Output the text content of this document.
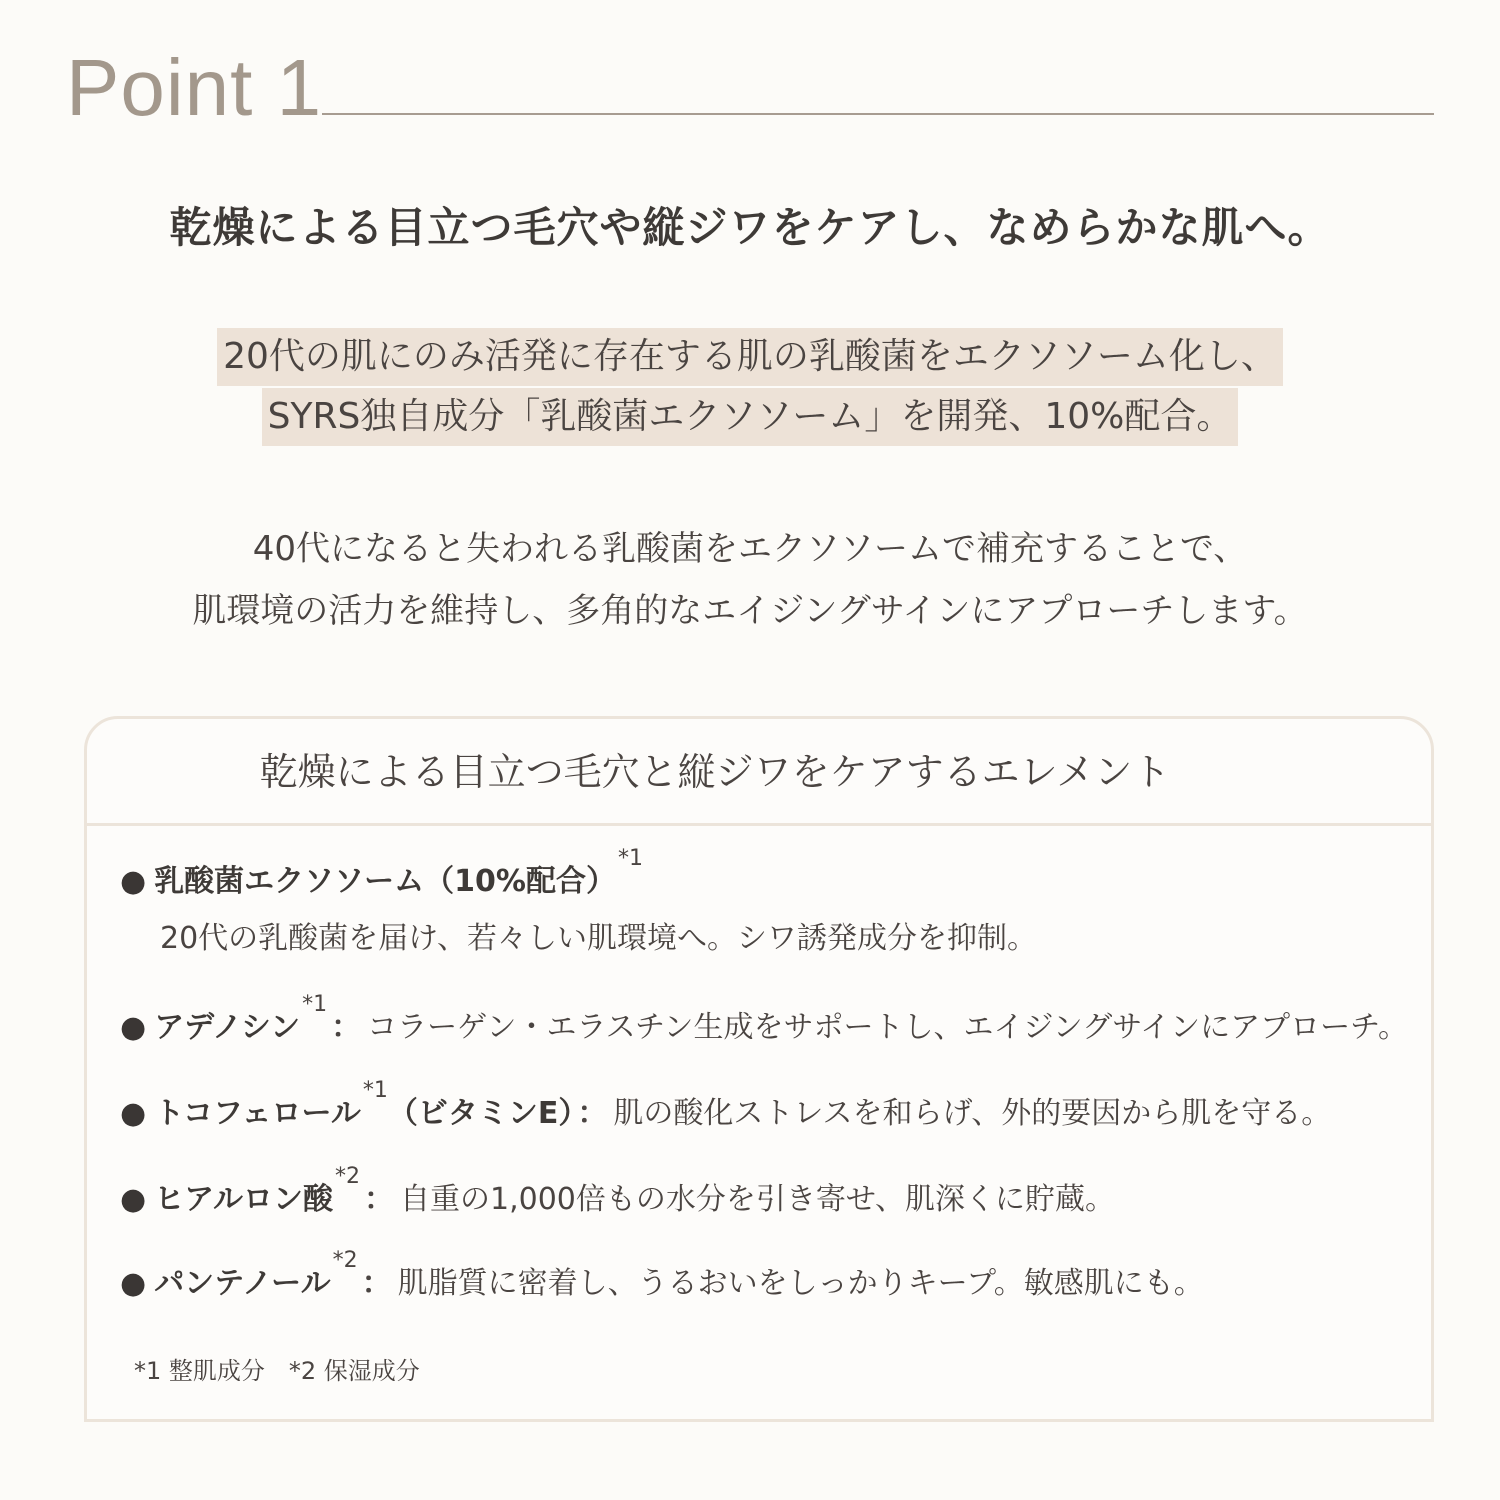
Point 1
乾燥による目立つ毛穴や縦ジワをケアし、なめらかな肌へ。
20代の肌にのみ活発に存在する肌の乳酸菌をエクソソーム化し、
SYRS独自成分「乳酸菌エクソソーム」を開発、10%配合。
40代になると失われる乳酸菌をエクソソームで補充することで、
肌環境の活力を維持し、多角的なエイジングサインにアプローチします。
乾燥による目立つ毛穴と縦ジワをケアするエレメント
● 乳酸菌エクソソーム（10%配合）$^{*1}$
20代の乳酸菌を届け、若々しい肌環境へ。シワ誘発成分を抑制。
● アデノシン$^{*1}$： コラーゲン・エラスチン生成をサポートし、エイジングサインにアプローチ。
● トコフェロール$^{*1}$（ビタミンE） ： 肌の酸化ストレスを和らげ、外的要因から肌を守る。
● ヒアルロン酸$^{*2}$： 自重の1,000倍もの水分を引き寄せ、肌深くに貯蔵。
● パンテノール$^{*2}$： 肌脂質に密着し、うるおいをしっかりキープ。敏感肌にも。
*1 整肌成分 *2 保湿成分
